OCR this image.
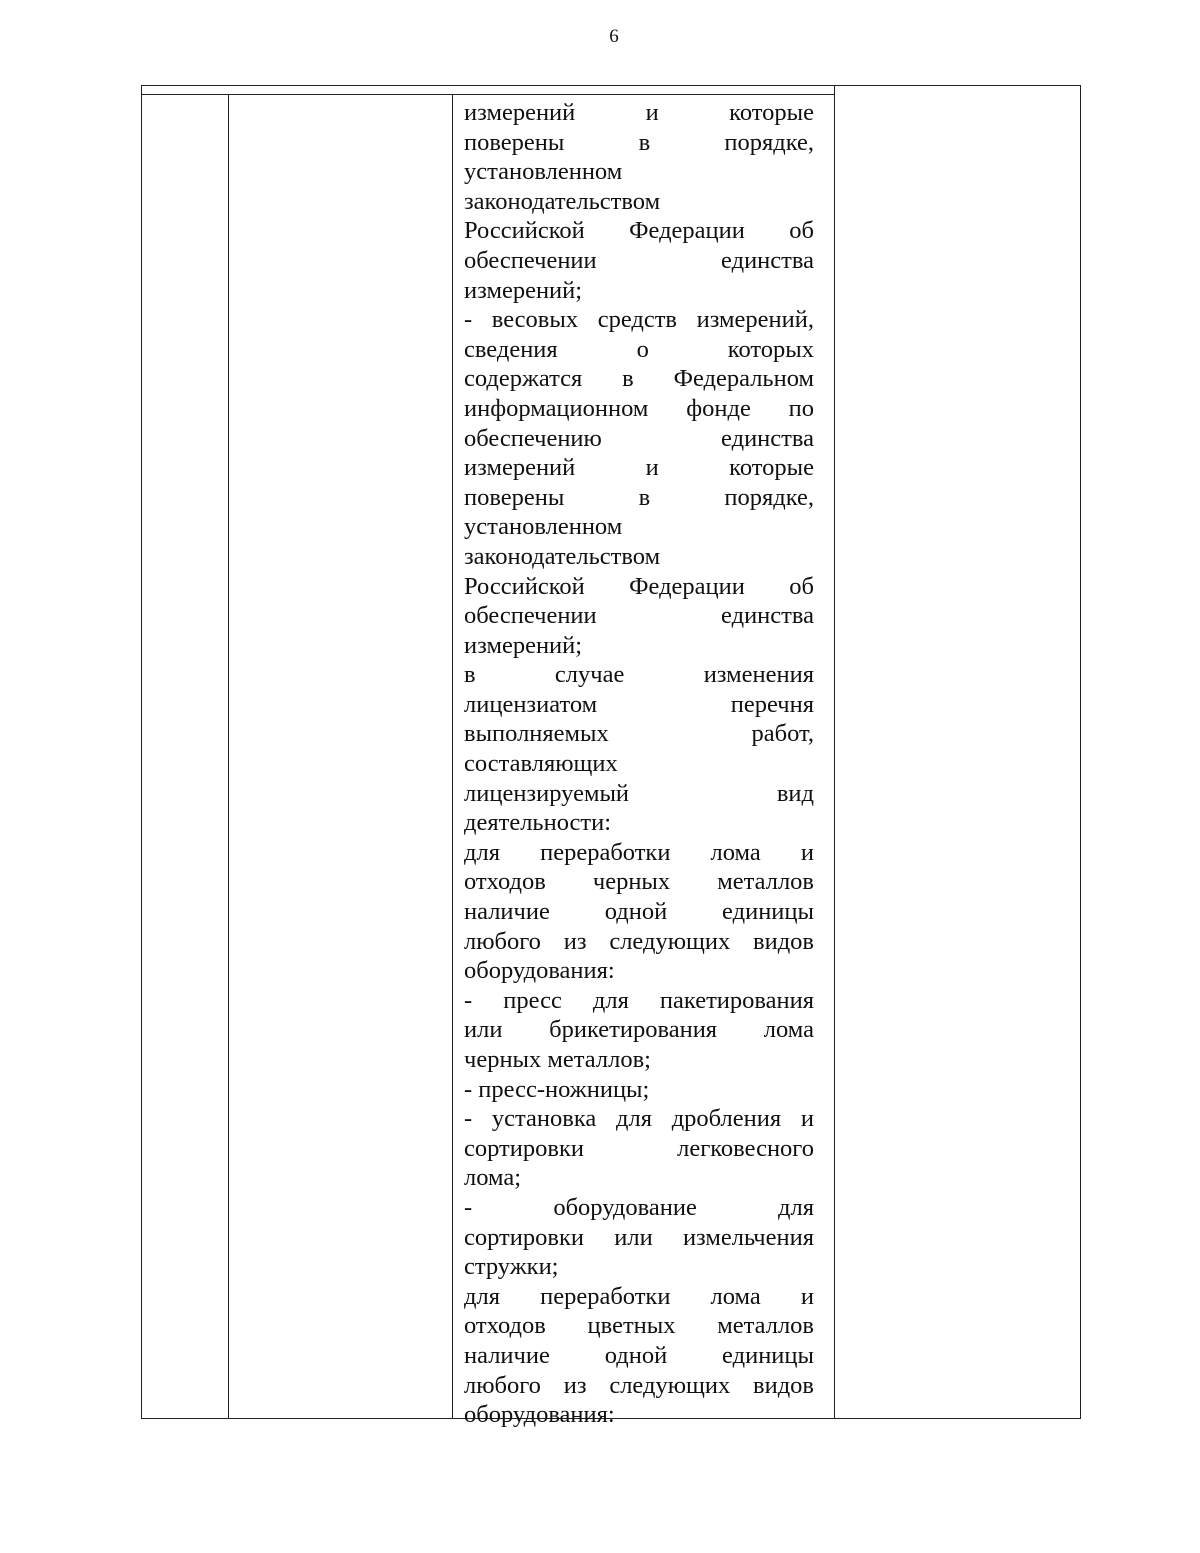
6
измерений и которые
поверены в порядке,
установленном
законодательством
Российской Федерации об
обеспечении единства
измерений;
- весовых средств измерений,
сведения о которых
содержатся в Федеральном
информационном фонде по
обеспечению единства
измерений и которые
поверены в порядке,
установленном
законодательством
Российской Федерации об
обеспечении единства
измерений;
в случае изменения
лицензиатом перечня
выполняемых работ,
составляющих
лицензируемый вид
деятельности:
для переработки лома и
отходов черных металлов
наличие одной единицы
любого из следующих видов
оборудования:
- пресс для пакетирования
или брикетирования лома
черных металлов;
- пресс-ножницы;
- установка для дробления и
сортировки легковесного
лома;
- оборудование для
сортировки или измельчения
стружки;
для переработки лома и
отходов цветных металлов
наличие одной единицы
любого из следующих видов
оборудования:
